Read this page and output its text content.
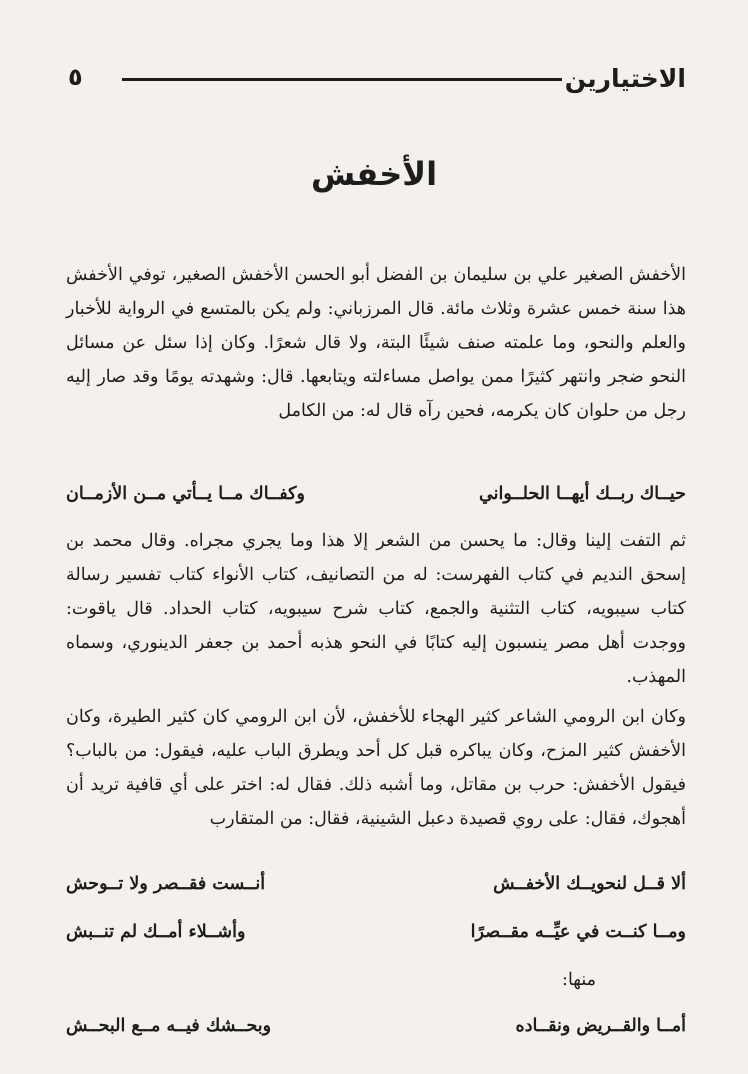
الاختيارين
٥
الأخفش
الأخفش الصغير علي بن سليمان بن الفضل أبو الحسن الأخفش الصغير، توفي الأخفش هذا سنة خمس عشرة وثلاث مائة. قال المرزباني: ولم يكن بالمتسع في الرواية للأخبار والعلم والنحو، وما علمته صنف شيئًا البتة، ولا قال شعرًا. وكان إذا سئل عن مسائل النحو ضجر وانتهر كثيرًا ممن يواصل مساءلته ويتابعها. قال: وشهدته يومًا وقد صار إليه رجل من حلوان كان يكرمه، فحين رآه قال له: من الكامل
حيــاك ربــك أيهــا الحلــواني
وكفــاك مــا يــأتي مــن الأزمــان
ثم التفت إلينا وقال: ما يحسن من الشعر إلا هذا وما يجري مجراه. وقال محمد بن إسحق النديم في كتاب الفهرست: له من التصانيف، كتاب الأنواء كتاب تفسير رسالة كتاب سيبويه، كتاب التثنية والجمع، كتاب شرح سيبويه، كتاب الحداد. قال ياقوت: ووجدت أهل مصر ينسبون إليه كتابًا في النحو هذبه أحمد بن جعفر الدينوري، وسماه المهذب.
وكان ابن الرومي الشاعر كثير الهجاء للأخفش، لأن ابن الرومي كان كثير الطيرة، وكان الأخفش كثير المزح، وكان يباكره قبل كل أحد ويطرق الباب عليه، فيقول: من بالباب؟ فيقول الأخفش: حرب بن مقاتل، وما أشبه ذلك. فقال له: اختر على أي قافية تريد أن أهجوك، فقال: على روي قصيدة دعبل الشينية، فقال: من المتقارب
ألا قــل لنحويــك الأخفــش
أنــست فقــصر ولا تــوحش
ومــا كنــت في عيِّــه مقــصرًا
وأشــلاء أمــك لم تنــبش
منها:
أمــا والقــريض ونقــاده
وبحــشك فيــه مــع البحــش
